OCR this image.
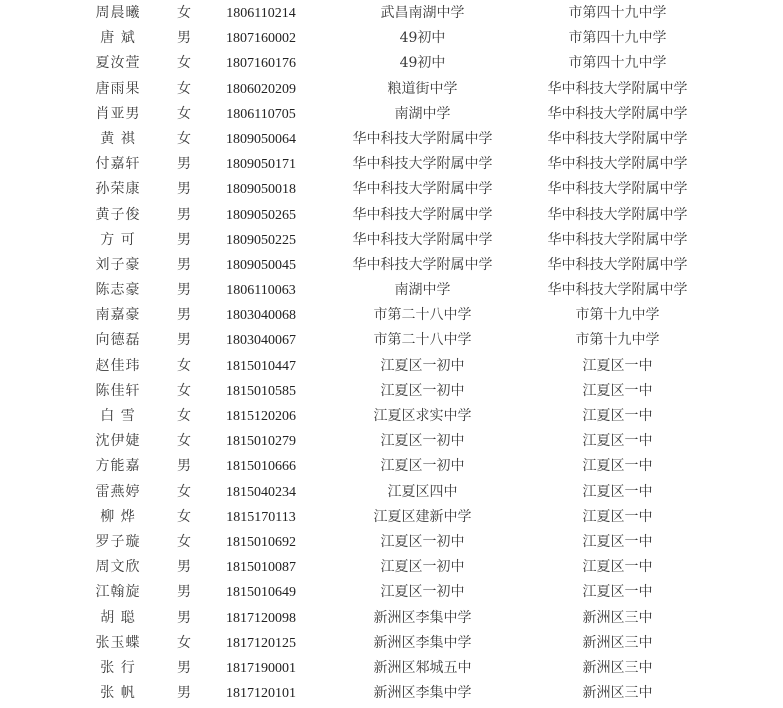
周晨曦	女	1806110214	武昌南湖中学	市第四十九中学
唐 斌	男	1807160002	49初中	市第四十九中学
夏汝萱	女	1807160176	49初中	市第四十九中学
唐雨果	女	1806020209	粮道街中学	华中科技大学附属中学
肖亚男	女	1806110705	南湖中学	华中科技大学附属中学
黄 祺	女	1809050064	华中科技大学附属中学	华中科技大学附属中学
付嘉轩	男	1809050171	华中科技大学附属中学	华中科技大学附属中学
孙荣康	男	1809050018	华中科技大学附属中学	华中科技大学附属中学
黄子俊	男	1809050265	华中科技大学附属中学	华中科技大学附属中学
方 可	男	1809050225	华中科技大学附属中学	华中科技大学附属中学
刘子豪	男	1809050045	华中科技大学附属中学	华中科技大学附属中学
陈志豪	男	1806110063	南湖中学	华中科技大学附属中学
南嘉豪	男	1803040068	市第二十八中学	市第十九中学
向德磊	男	1803040067	市第二十八中学	市第十九中学
赵佳玮	女	1815010447	江夏区一初中	江夏区一中
陈佳轩	女	1815010585	江夏区一初中	江夏区一中
白 雪	女	1815120206	江夏区求实中学	江夏区一中
沈伊婕	女	1815010279	江夏区一初中	江夏区一中
方能嘉	男	1815010666	江夏区一初中	江夏区一中
雷燕婷	女	1815040234	江夏区四中	江夏区一中
柳 烨	女	1815170113	江夏区建新中学	江夏区一中
罗子璇	女	1815010692	江夏区一初中	江夏区一中
周文欣	男	1815010087	江夏区一初中	江夏区一中
江翰旋	男	1815010649	江夏区一初中	江夏区一中
胡 聪	男	1817120098	新洲区李集中学	新洲区三中
张玉蝶	女	1817120125	新洲区李集中学	新洲区三中
张 行	男	1817190001	新洲区邾城五中	新洲区三中
张 帆	男	1817120101	新洲区李集中学	新洲区三中
